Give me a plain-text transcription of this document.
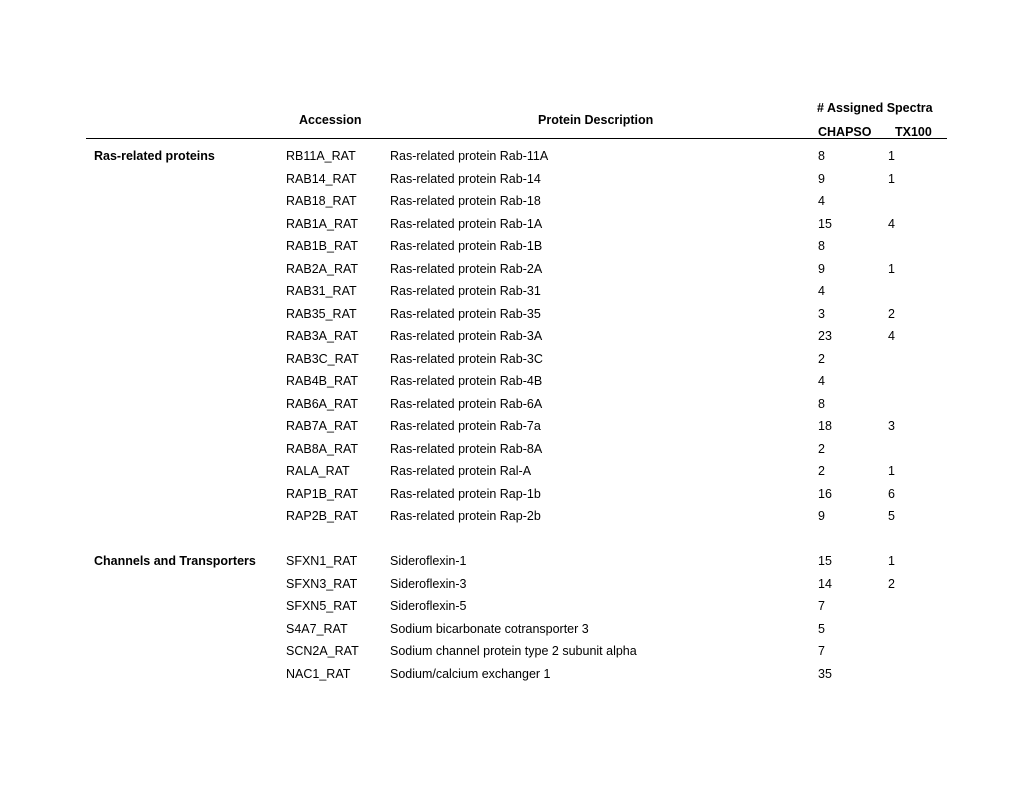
# Assigned Spectra
Accession	Protein Description
CHAPSO TX100
Ras-related proteins	RB11A_RAT	Ras-related protein Rab-11A	8	1
RAB14_RAT	Ras-related protein Rab-14	9	1
RAB18_RAT	Ras-related protein Rab-18	4
RAB1A_RAT	Ras-related protein Rab-1A	15	4
RAB1B_RAT	Ras-related protein Rab-1B	8
RAB2A_RAT	Ras-related protein Rab-2A	9	1
RAB31_RAT	Ras-related protein Rab-31	4
RAB35_RAT	Ras-related protein Rab-35	3	2
RAB3A_RAT	Ras-related protein Rab-3A	23	4
RAB3C_RAT	Ras-related protein Rab-3C	2
RAB4B_RAT	Ras-related protein Rab-4B	4
RAB6A_RAT	Ras-related protein Rab-6A	8
RAB7A_RAT	Ras-related protein Rab-7a	18	3
RAB8A_RAT	Ras-related protein Rab-8A	2
RALA_RAT	Ras-related protein Ral-A	2	1
RAP1B_RAT	Ras-related protein Rap-1b	16	6
RAP2B_RAT	Ras-related protein Rap-2b	9	5
Channels and Transporters SFXN1_RAT	Sideroflexin-1	15	1
SFXN3_RAT	Sideroflexin-3	14	2
SFXN5_RAT	Sideroflexin-5	7
S4A7_RAT	Sodium bicarbonate cotransporter 3	5
SCN2A_RAT	Sodium channel protein type 2 subunit alpha	7
NAC1_RAT	Sodium/calcium exchanger 1	35
